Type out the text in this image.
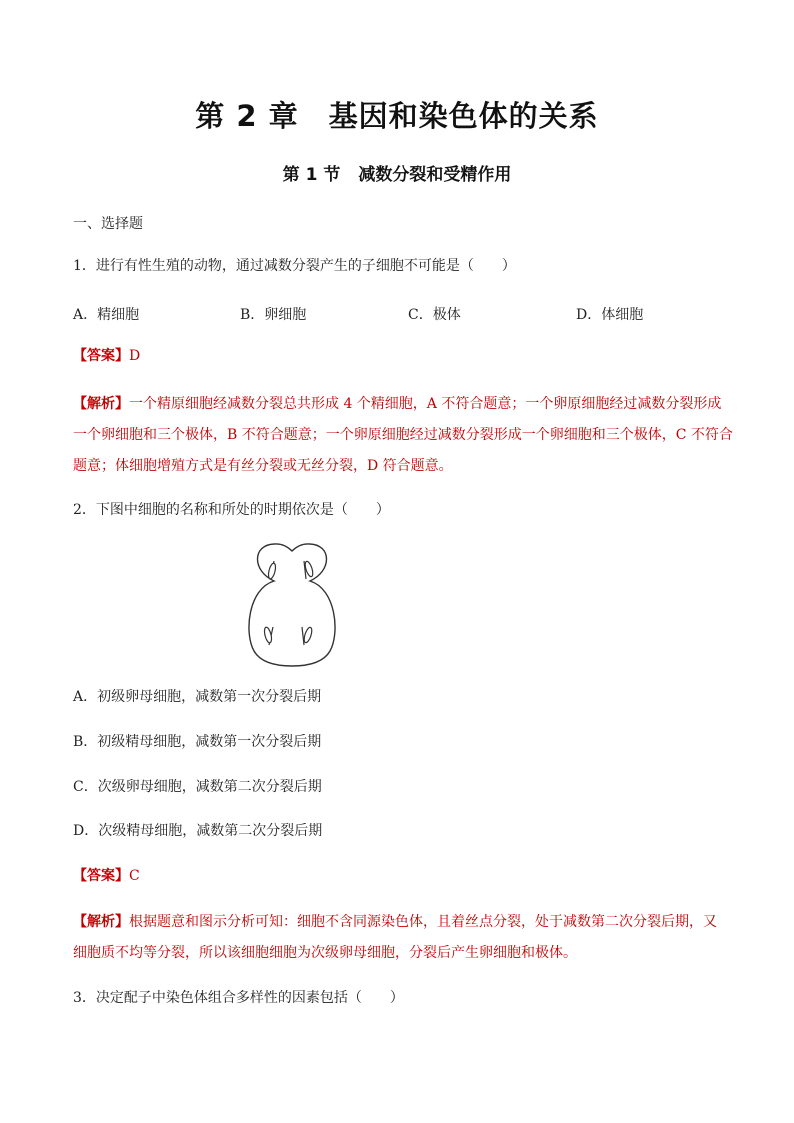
第 2 章 基因和染色体的关系
第 1 节 减数分裂和受精作用
一、选择题
1．进行有性生殖的动物，通过减数分裂产生的子细胞不可能是（　　）
A．精细胞	B．卵细胞	C．极体	D．体细胞
【答案】D
【解析】一个精原细胞经减数分裂总共形成 4 个精细胞，A 不符合题意；一个卵原细胞经过减数分裂形成
一个卵细胞和三个极体，B 不符合题意；一个卵原细胞经过减数分裂形成一个卵细胞和三个极体，C 不符合
题意；体细胞增殖方式是有丝分裂或无丝分裂，D 符合题意。
2．下图中细胞的名称和所处的时期依次是（　　）
A．初级卵母细胞，减数第一次分裂后期
B．初级精母细胞，减数第一次分裂后期
C．次级卵母细胞，减数第二次分裂后期
D．次级精母细胞，减数第二次分裂后期
【答案】C
【解析】根据题意和图示分析可知：细胞不含同源染色体，且着丝点分裂，处于减数第二次分裂后期，又
细胞质不均等分裂，所以该细胞细胞为次级卵母细胞，分裂后产生卵细胞和极体。
3．决定配子中染色体组合多样性的因素包括（　　）
